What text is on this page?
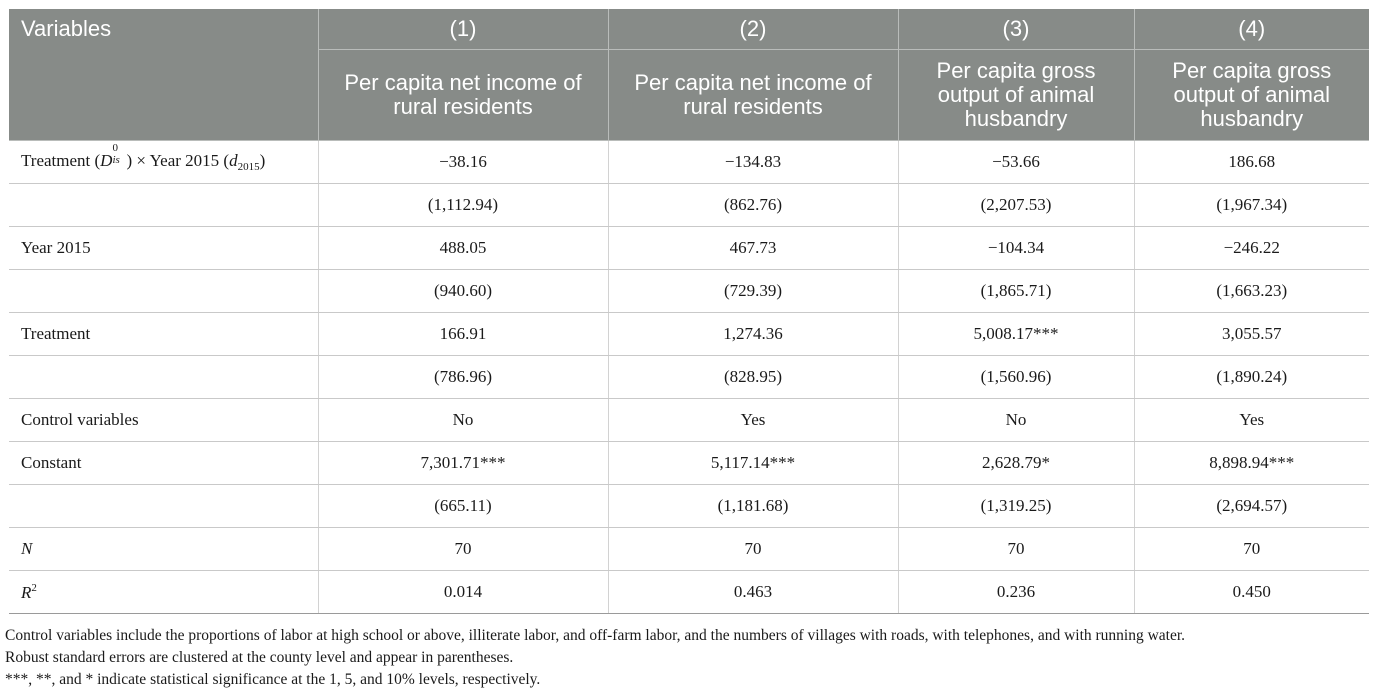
Variables	(1)	(2)	(3)	(4)
	Per capita net income of rural residents	Per capita net income of rural residents	Per capita gross output of animal husbandry	Per capita gross output of animal husbandry
Treatment (D
0
is ) × Year 2015 $(d_{2015})$	−38.16	−134.83	−53.66	186.68
	(1,112.94)	(862.76)	(2,207.53)	(1,967.34)
Year 2015	488.05	467.73	−104.34	−246.22
	(940.60)	(729.39)	(1,865.71)	(1,663.23)
Treatment	166.91	1,274.36	5,008.17***	3,055.57
	(786.96)	(828.95)	(1,560.96)	(1,890.24)
Control variables	No	Yes	No	Yes
Constant	7,301.71***	5,117.14***	2,628.79*	8,898.94***
	(665.11)	(1,181.68)	(1,319.25)	(2,694.57)
N	70	70	70	70
$R^2$	0.014	0.463	0.236	0.450

Control variables include the proportions of labor at high school or above, illiterate labor, and off-farm labor, and the numbers of villages with roads, with telephones, and with running water.

Robust standard errors are clustered at the county level and appear in parentheses.

***, **, and * indicate statistical significance at the 1, 5, and 10% levels, respectively.
